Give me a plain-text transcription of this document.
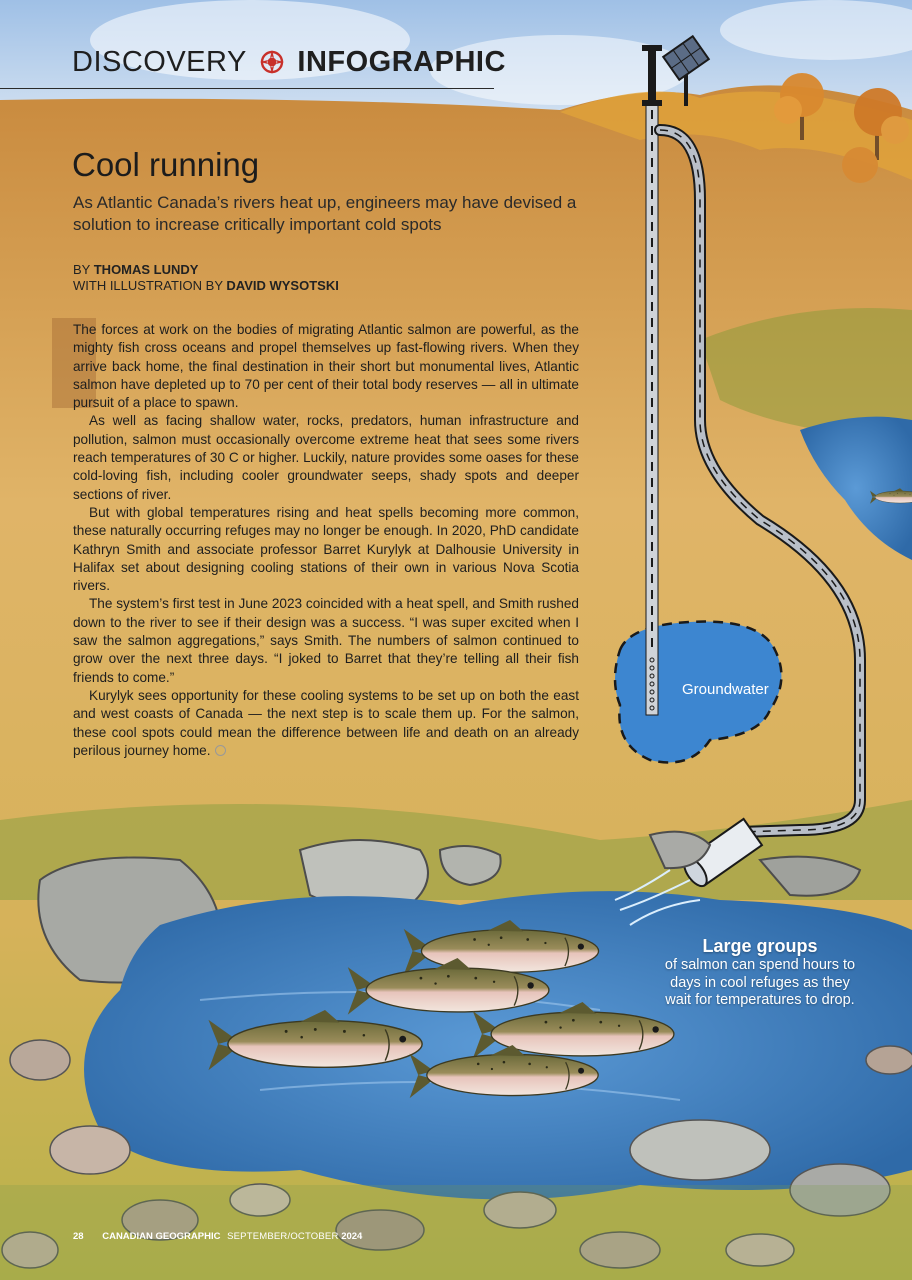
DISCOVERY INFOGRAPHIC
Cool running
As Atlantic Canada’s rivers heat up, engineers may have devised a solution to increase critically important cold spots
BY THOMAS LUNDY
WITH ILLUSTRATION BY DAVID WYSOTSKI

The forces at work on the bodies of migrating Atlantic salmon are powerful, as the mighty fish cross oceans and propel themselves up fast-flowing rivers. When they arrive back home, the final destination in their short but monumental lives, Atlantic salmon have depleted up to 70 per cent of their total body reserves — all in ultimate pursuit of a place to spawn.

As well as facing shallow water, rocks, predators, human infrastructure and pollution, salmon must occasionally overcome extreme heat that sees some rivers reach temperatures of 30 C or higher. Luckily, nature provides some oases for these cold-loving fish, including cooler groundwater seeps, shady spots and deeper sections of river.

But with global temperatures rising and heat spells becoming more common, these naturally occurring refuges may no longer be enough. In 2020, PhD candidate Kathryn Smith and associate professor Barret Kurylyk at Dalhousie University in Halifax set about designing cooling stations of their own in various Nova Scotia rivers.

The system’s first test in June 2023 coincided with a heat spell, and Smith rushed down to the river to see if their design was a success. “I was super excited when I saw the salmon aggregations,” says Smith. The numbers of salmon continued to grow over the next three days. “I joked to Barret that they’re telling all their fish friends to come.”

Kurylyk sees opportunity for these cooling systems to be set up on both the east and west coasts of Canada — the next step is to scale them up. For the salmon, these cool spots could mean the difference between life and death on an already perilous journey home.

Groundwater
Large groups
of salmon can spend hours to days in cool refuges as they wait for temperatures to drop.
28 CANADIAN GEOGRAPHIC SEPTEMBER/OCTOBER 2024
